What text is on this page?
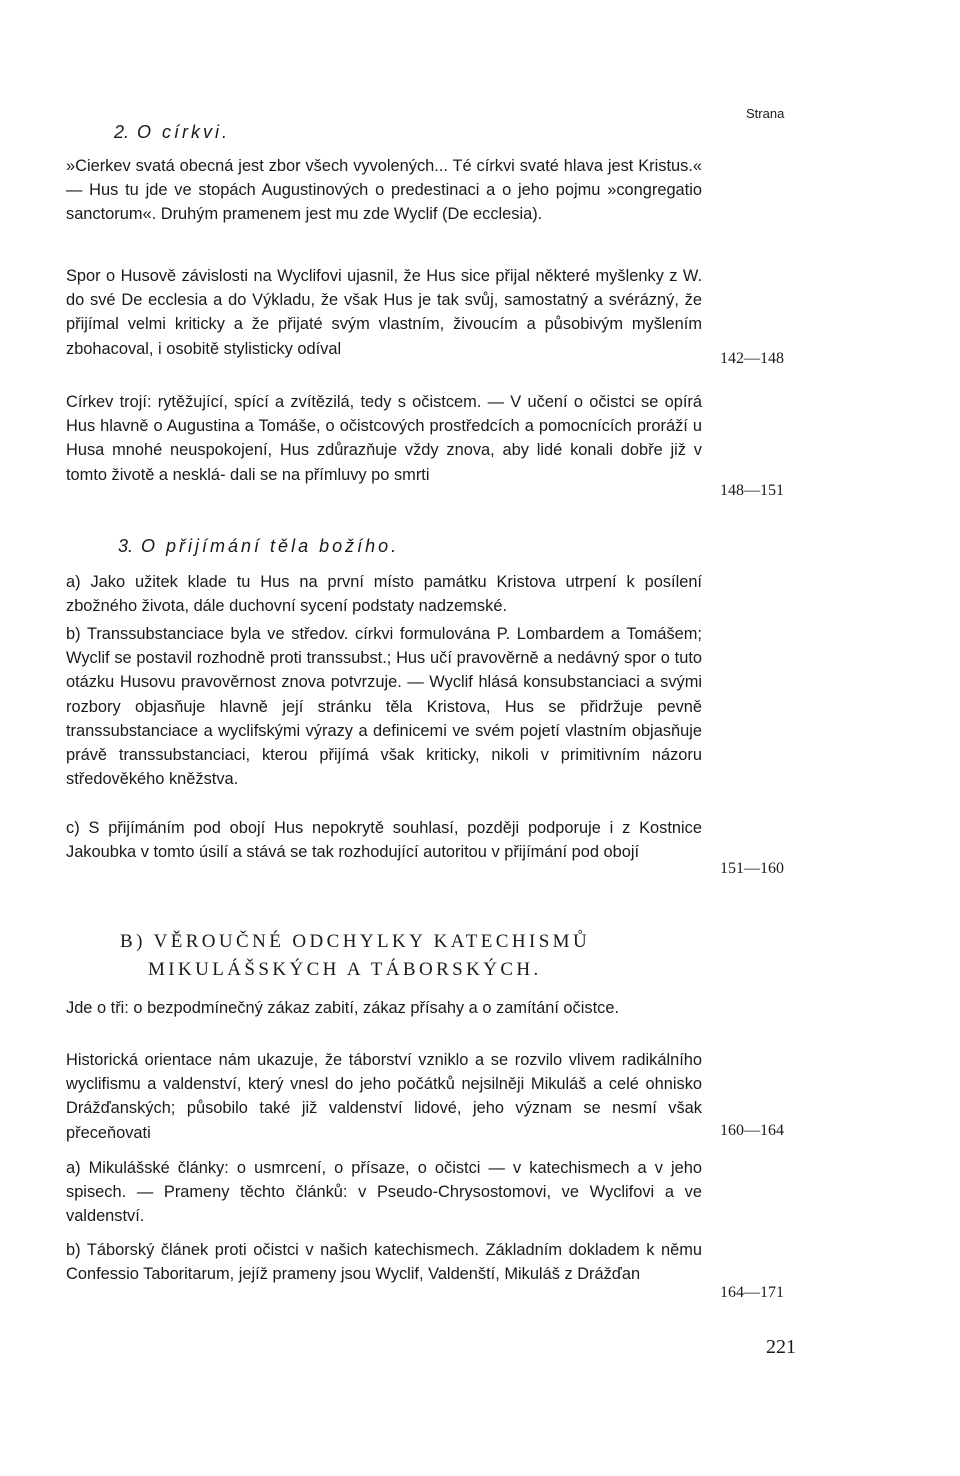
Strana
2. O církvi.
»Cierkev svatá obecná jest zbor všech vyvolených... Té církvi svaté hlava jest Kristus.« — Hus tu jde ve stopách Augustinových o predestinaci a o jeho pojmu »congregatio sanctorum«. Druhým pramenem jest mu zde Wyclif (De ecclesia).
Spor o Husově závislosti na Wyclifovi ujasnil, že Hus sice přijal některé myšlenky z W. do své De ecclesia a do Výkladu, že však Hus je tak svůj, samostatný a svérázný, že přijímal velmi kriticky a že přijaté svým vlastním, živoucím a působivým myšlením zbohacoval, i osobitě stylisticky odíval
142—148
Církev trojí: rytěžující, spící a zvítězilá, tedy s očistcem. — V učení o očistci se opírá Hus hlavně o Augustina a Tomáše, o očistcových prostředcích a pomocnících proráží u Husa mnohé neuspokojení, Hus zdůrazňuje vždy znova, aby lidé konali dobře již v tomto životě a nesklá- dali se na přímluvy po smrti
148—151
3. O přijímání těla božího.
a) Jako užitek klade tu Hus na první místo památku Kristova utrpení k posílení zbožného života, dále duchovní sycení podstaty nadzemské.
b) Transsubstanciace byla ve středov. církvi formulována P. Lombardem a Tomášem; Wyclif se postavil rozhodně proti transsubst.; Hus učí pravověrně a nedávný spor o tuto otázku Husovu pravověrnost znova potvrzuje. — Wyclif hlásá konsubstanciaci a svými rozbory objasňuje hlavně její stránku těla Kristova, Hus se přidržuje pevně transsubstanciace a wyclifskými výrazy a definicemi ve svém pojetí vlastním objasňuje právě transsubstanciaci, kterou přijímá však kriticky, nikoli v primitivním názoru středověkého kněžstva.
c) S přijímáním pod obojí Hus nepokrytě souhlasí, později podporuje i z Kostnice Jakoubka v tomto úsilí a stává se tak rozhodující autoritou v přijímání pod obojí
151—160
B) VĚROUČNÉ ODCHYLKY KATECHISMŮ
MIKULÁŠSKÝCH A TÁBORSKÝCH.
Jde o tři: o bezpodmínečný zákaz zabití, zákaz přísahy a o zamítání očistce.
Historická orientace nám ukazuje, že táborství vzniklo a se rozvilo vlivem radikálního wyclifismu a valdenství, který vnesl do jeho počátků nejsilněji Mikuláš a celé ohnisko Drážďanských; působilo také již valdenství lidové, jeho význam se nesmí však přeceňovati	160—164
a) Mikulášské články: o usmrcení, o přísaze, o očistci — v katechismech a v jeho spisech. — Prameny těchto článků: v Pseudo-Chrysostomovi, ve Wyclifovi a ve valdenství.
b) Táborský článek proti očistci v našich katechismech. Základním dokladem k němu Confessio Taboritarum, jejíž prameny jsou Wyclif, Valdenští, Mikuláš z Drážďan
164—171
221
